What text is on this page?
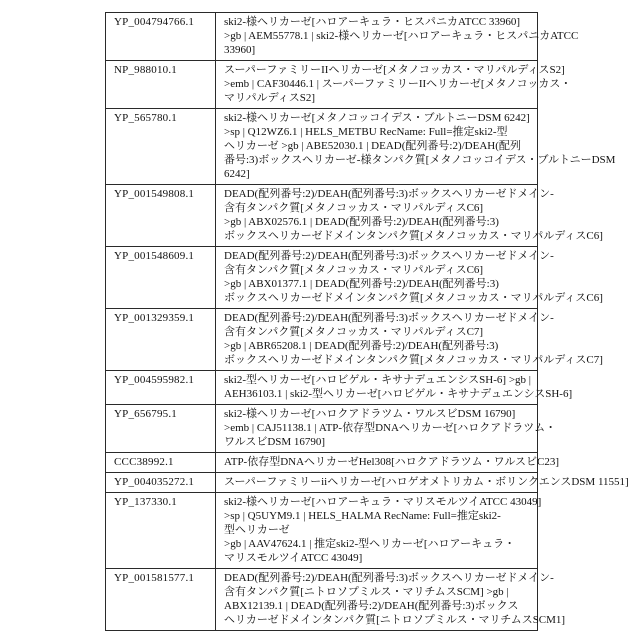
YP_004794766.1	ski2-様ヘリカーゼ[ハロアーキュラ・ヒスパニカATCC 33960]
>gb | AEM55778.1 | ski2-様ヘリカーゼ[ハロアーキュラ・ヒスパニカATCC
33960]

NP_988010.1	スーパーファミリーIIヘリカーゼ[メタノコッカス・マリパルディスS2]
>emb | CAF30446.1 | スーパーファミリーIIヘリカーゼ[メタノコッカス・
マリパルディスS2]

YP_565780.1	ski2-様ヘリカーゼ[メタノコッコイデス・ブルトニーDSM 6242]
>sp | Q12WZ6.1 | HELS_METBU RecName: Full=推定ski2-型
ヘリカーゼ >gb | ABE52030.1 | DEAD(配列番号:2)/DEAH(配列
番号:3)ボックスヘリカーゼ-様タンパク質[メタノコッコイデス・ブルトニーDSM
6242]

YP_001549808.1	DEAD(配列番号:2)/DEAH(配列番号:3)ボックスヘリカーゼドメイン-
含有タンパク質[メタノコッカス・マリパルディスC6]
>gb | ABX02576.1 | DEAD(配列番号:2)/DEAH(配列番号:3)
ボックスヘリカーゼドメインタンパク質[メタノコッカス・マリパルディスC6]

YP_001548609.1	DEAD(配列番号:2)/DEAH(配列番号:3)ボックスヘリカーゼドメイン-
含有タンパク質[メタノコッカス・マリパルディスC6]
>gb | ABX01377.1 | DEAD(配列番号:2)/DEAH(配列番号:3)
ボックスヘリカーゼドメインタンパク質[メタノコッカス・マリパルディスC6]

YP_001329359.1	DEAD(配列番号:2)/DEAH(配列番号:3)ボックスヘリカーゼドメイン-
含有タンパク質[メタノコッカス・マリパルディスC7]
>gb | ABR65208.1 | DEAD(配列番号:2)/DEAH(配列番号:3)
ボックスヘリカーゼドメインタンパク質[メタノコッカス・マリパルディスC7]

YP_004595982.1	ski2-型ヘリカーゼ[ハロビゲル・キサナデュエンシスSH-6] >gb |
AEH36103.1 | ski2-型ヘリカーゼ[ハロビゲル・キサナデュエンシスSH-6]

YP_656795.1	ski2-様ヘリカーゼ[ハロクアドラツム・ワルスビDSM 16790]
>emb | CAJ51138.1 | ATP-依存型DNAヘリカーゼ[ハロクアドラツム・
ワルスビDSM 16790]

CCC38992.1	ATP-依存型DNAヘリカーゼHel308[ハロクアドラツム・ワルスビC23]

YP_004035272.1	スーパーファミリーiiヘリカーゼ[ハロゲオメトリカム・ボリンクエンスDSM 11551]

YP_137330.1	ski2-様ヘリカーゼ[ハロアーキュラ・マリスモルツイATCC 43049]
>sp | Q5UYM9.1 | HELS_HALMA RecName: Full=推定ski2-
型ヘリカーゼ
>gb | AAV47624.1 | 推定ski2-型ヘリカーゼ[ハロアーキュラ・
マリスモルツイATCC 43049]

YP_001581577.1	DEAD(配列番号:2)/DEAH(配列番号:3)ボックスヘリカーゼドメイン-
含有タンパク質[ニトロソプミルス・マリチムスSCM] >gb |
ABX12139.1 | DEAD(配列番号:2)/DEAH(配列番号:3)ボックス
ヘリカーゼドメインタンパク質[ニトロソプミルス・マリチムスSCM1]
